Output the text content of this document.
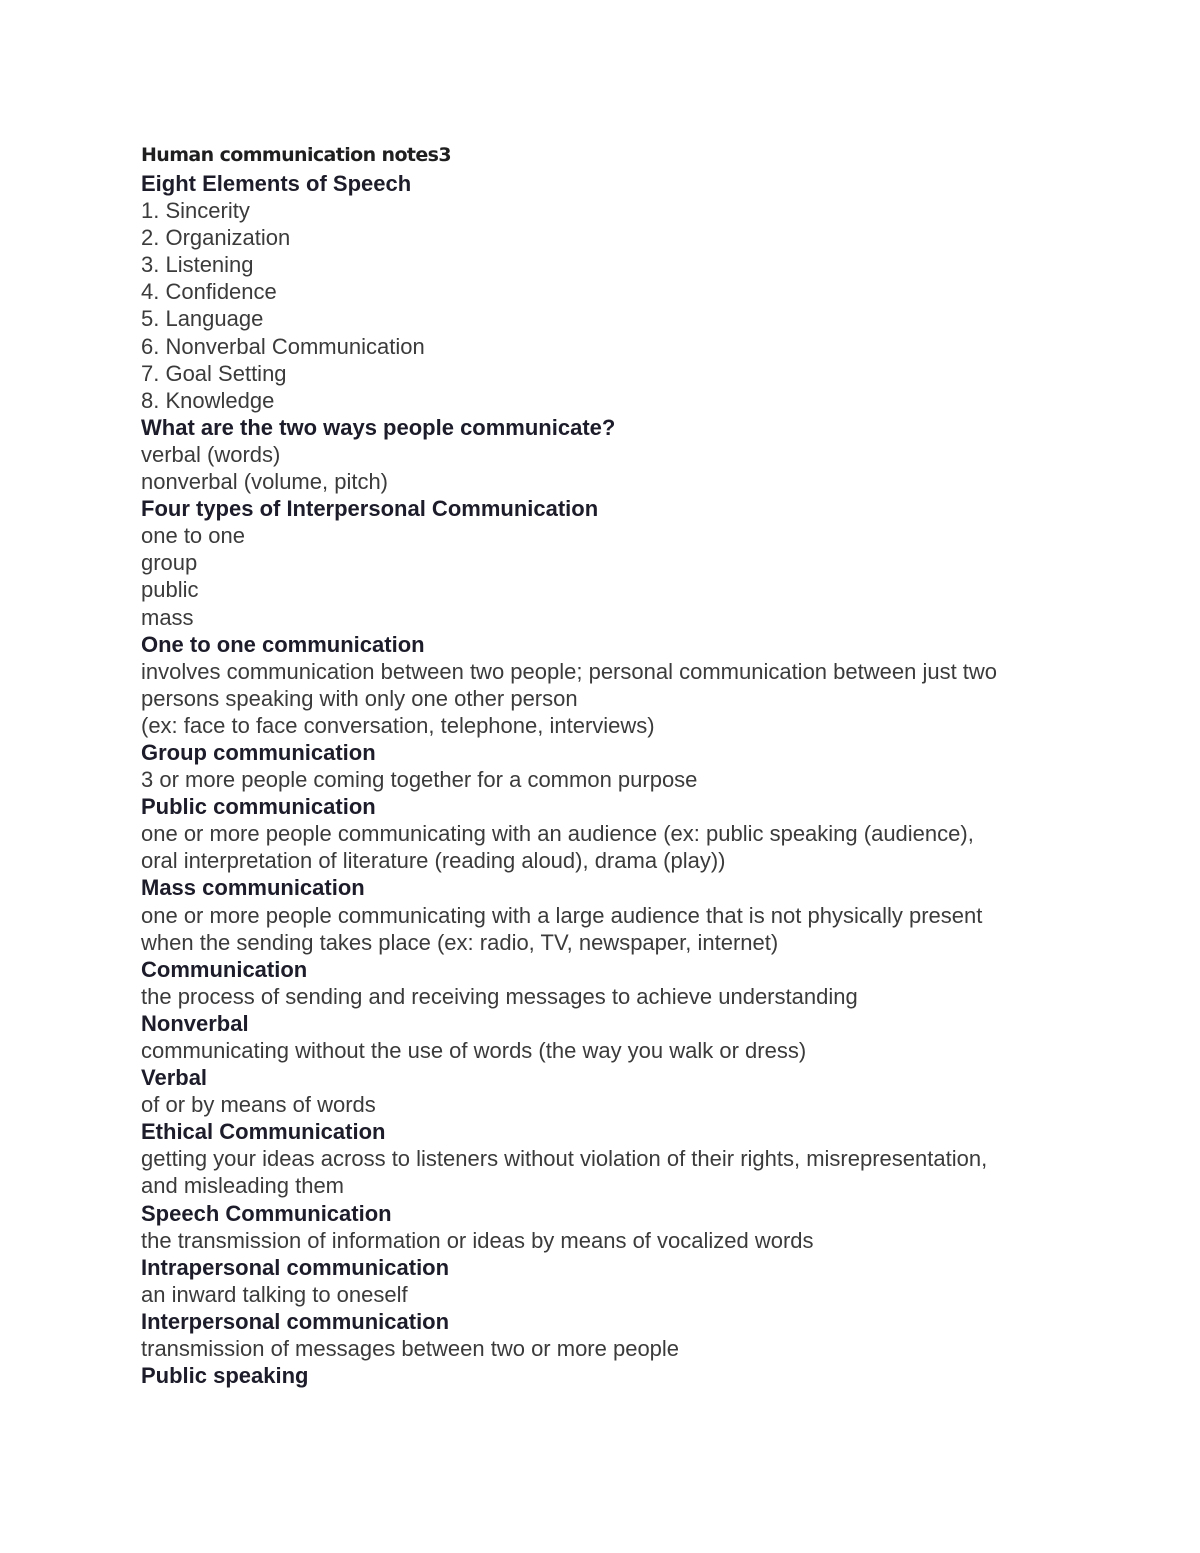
Human communication notes3

Eight Elements of Speech

1. Sincerity

2. Organization

3. Listening

4. Confidence

5. Language

6. Nonverbal Communication

7. Goal Setting

8. Knowledge

What are the two ways people communicate?

verbal (words)

nonverbal (volume, pitch)

Four types of Interpersonal Communication

one to one

group

public

mass

One to one communication

involves communication between two people; personal communication between just two

persons speaking with only one other person

(ex: face to face conversation, telephone, interviews)

Group communication

3 or more people coming together for a common purpose

Public communication

one or more people communicating with an audience (ex: public speaking (audience),

oral interpretation of literature (reading aloud), drama (play))

Mass communication

one or more people communicating with a large audience that is not physically present

when the sending takes place (ex: radio, TV, newspaper, internet)

Communication

the process of sending and receiving messages to achieve understanding

Nonverbal

communicating without the use of words (the way you walk or dress)

Verbal

of or by means of words

Ethical Communication

getting your ideas across to listeners without violation of their rights, misrepresentation,

and misleading them

Speech Communication

the transmission of information or ideas by means of vocalized words

Intrapersonal communication

an inward talking to oneself

Interpersonal communication

transmission of messages between two or more people

Public speaking
